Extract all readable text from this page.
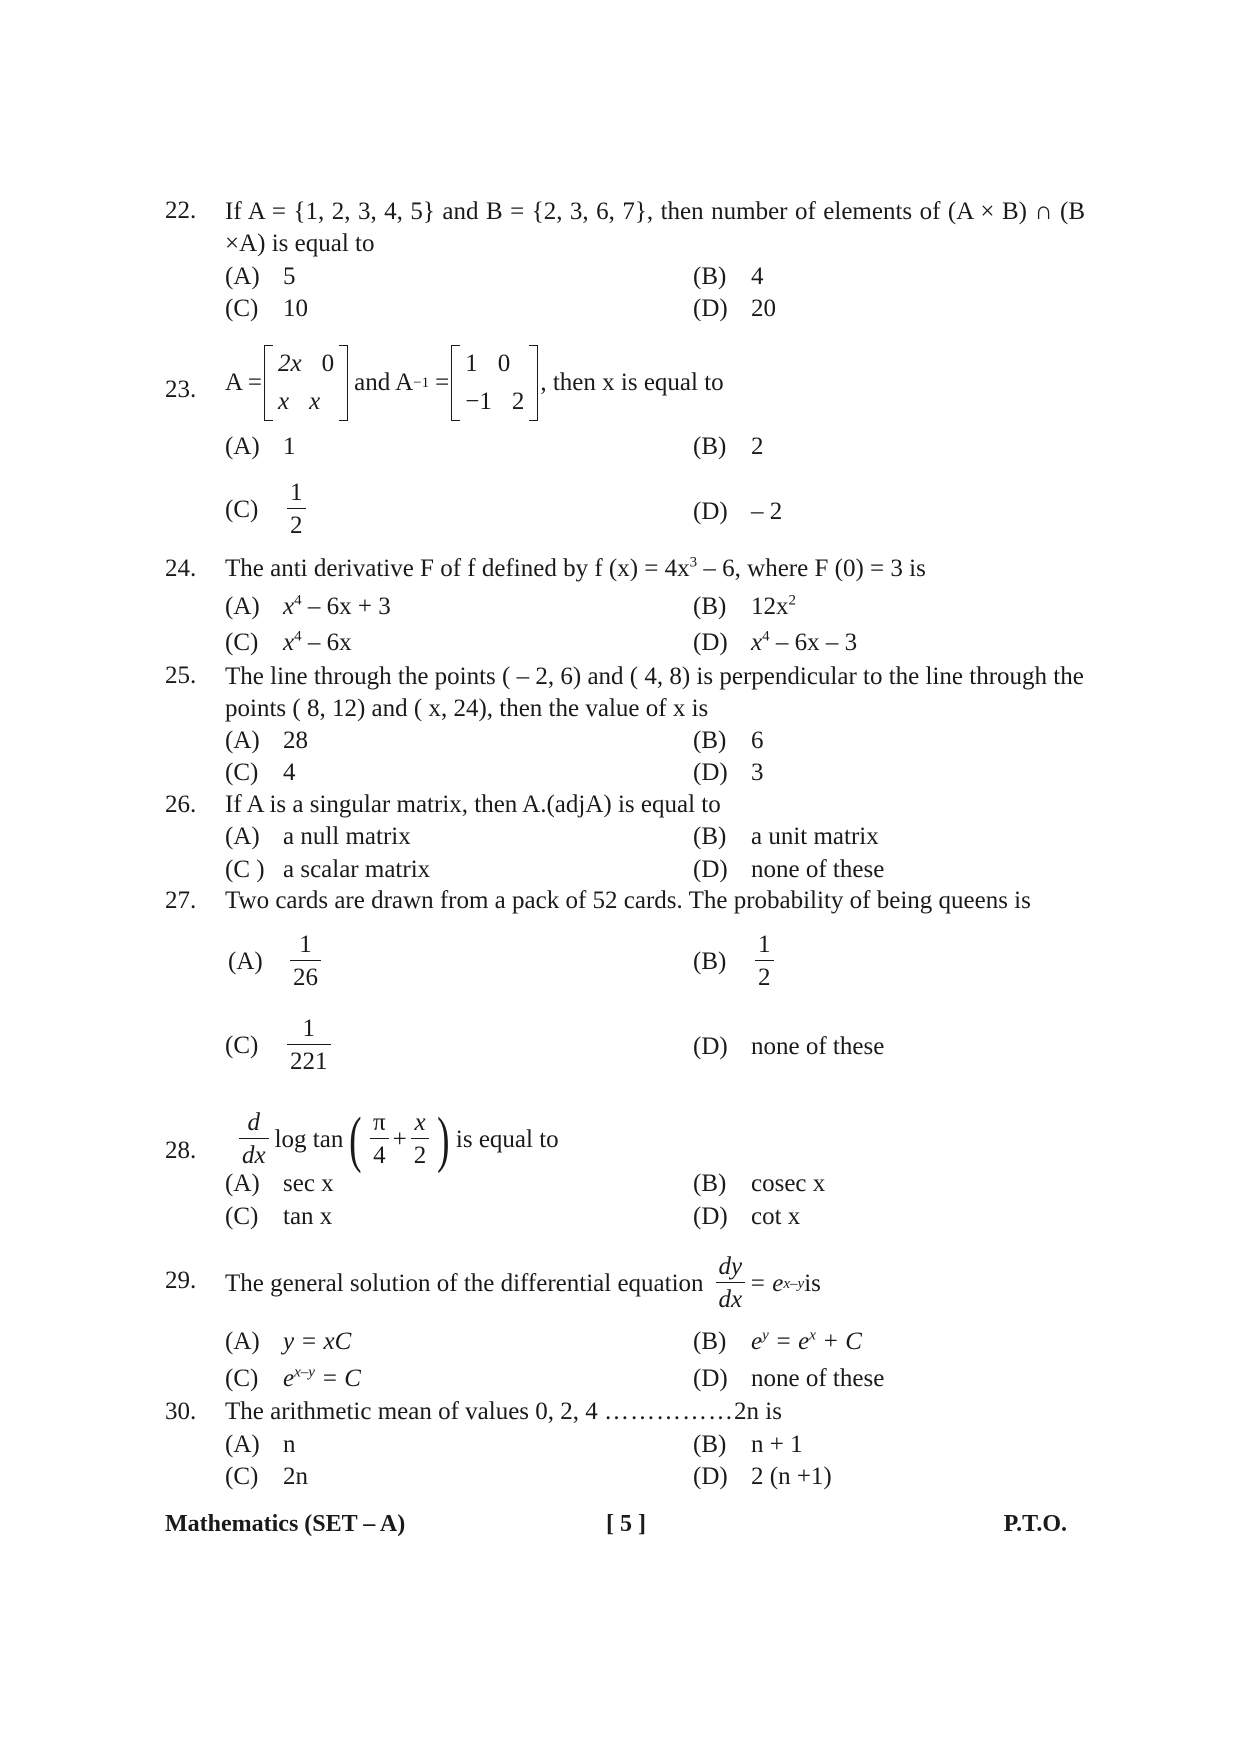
22.	If A = {1, 2, 3, 4, 5} and B = {2, 3, 6, 7}, then number of elements of (A × B) ∩ (B ×A) is equal to
(A) 5	(B) 4
(C) 10	(D) 20
23.	A =
2x 0
x x
and A −1 =
1 0
−1 2
, then x is equal to
(A) 1	(B) 2
(C)	$\frac{1}{2}$	(D) – 2
24.	The anti derivative F of f defined by f $(x) = 4x^3 - 6$, where F (0) = 3 is
(A) $x^4 - 6x + 3$	(B) $12x^2$
(C) $x^4 - 6x$	(D) $x^4 - 6x - 3$
25.	The line through the points ( – 2, 6) and ( 4, 8) is perpendicular to the line through the points ( 8, 12) and ( x, 24), then the value of x is
(A) 28	(B) 6
(C) 4	(D) 3
26.	If A is a singular matrix, then A.(adjA) is equal to
(A) a null matrix	(B) a unit matrix
(C ) a scalar matrix	(D) none of these
27.	Two cards are drawn from a pack of 52 cards. The probability of being queens is
(A)	$\frac{1}{26}$	(B)	$\frac{1}{2}$
(C)	$\frac{1}{221}$	(D) none of these
28.	$\frac{d}{dx}$ log tan ( $\frac{\pi}{4} + \frac{x}{2}$ ) is equal to
(A) sec x	(B) cosec x
(C) tan x	(D) cot x
29.	The general solution of the differential equation $\frac{dy}{dx} = e$ x–y is
(A) y = xC	(B) $e^y = e^x + C$
(C) $e^{x-y} = C$	(D) none of these
30.	The arithmetic mean of values 0, 2, 4 ……………2n is
(A) n	(B) n + 1
(C) 2n	(D) 2 (n +1)
Mathematics (SET – A)	[ 5 ]	P.T.O.
